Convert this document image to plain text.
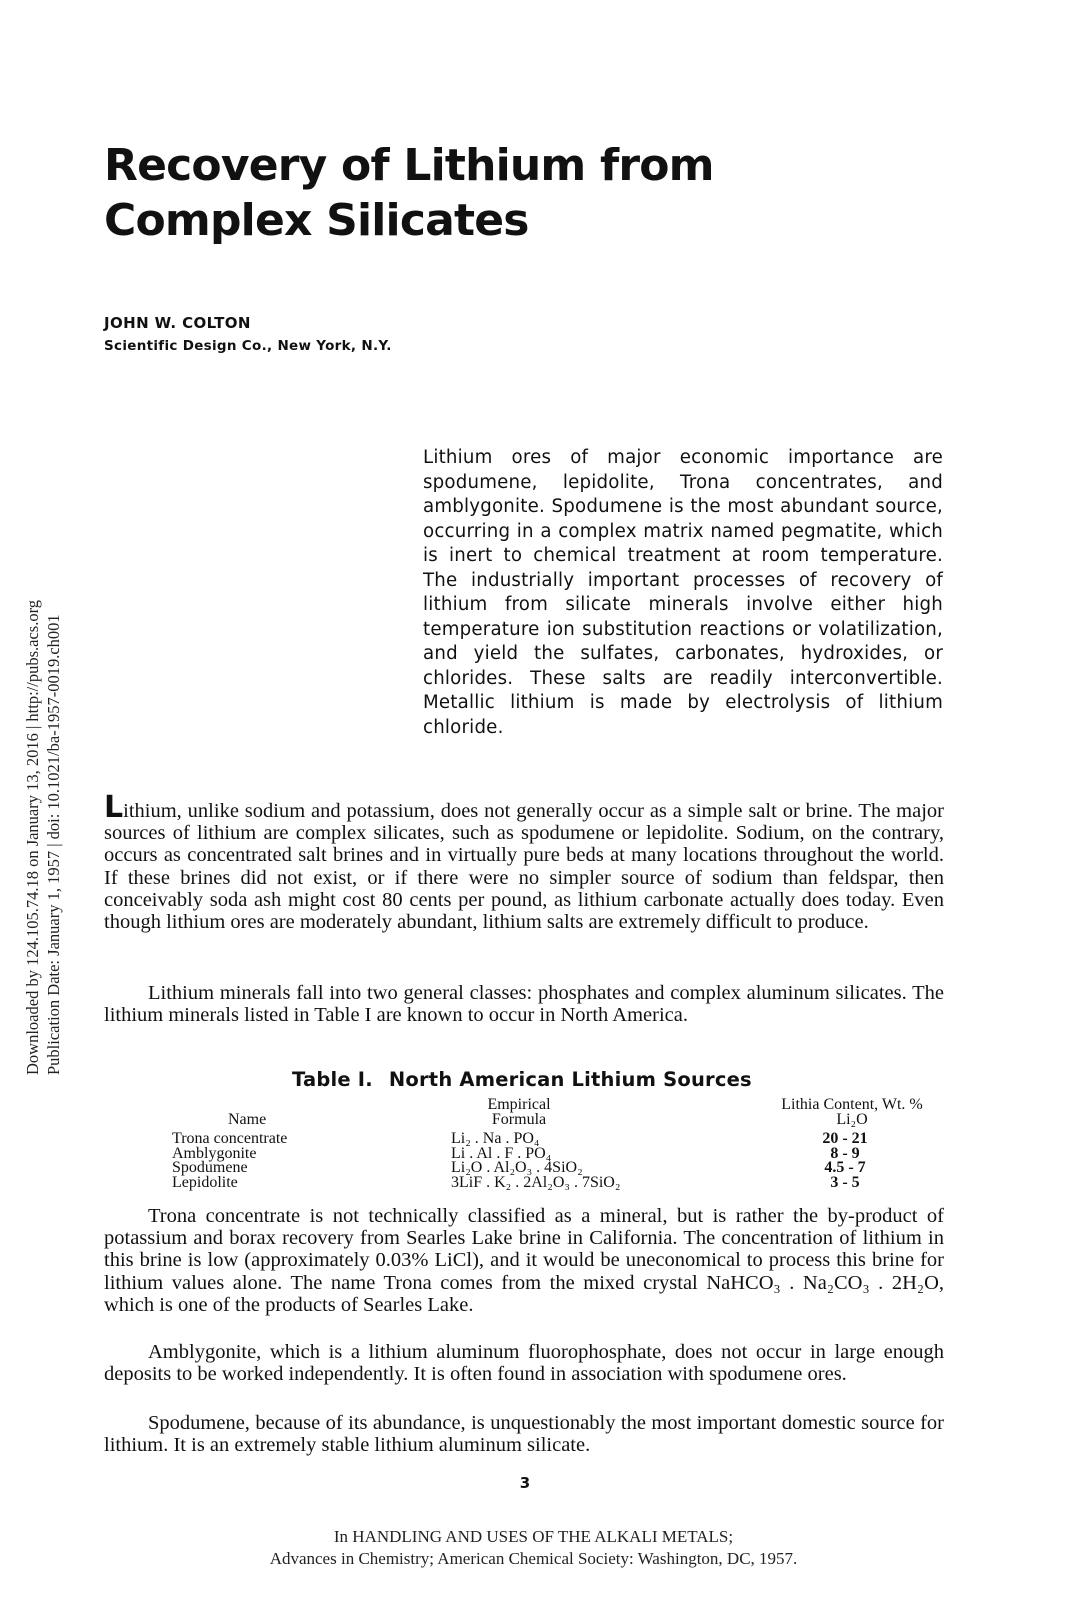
Downloaded by 124.105.74.18 on January 13, 2016 | http://pubs.acs.org Publication Date: January 1, 1957 | doi: 10.1021/ba-1957-0019.ch001
Recovery of Lithium from
Complex Silicates
JOHN W. COLTON
Scientific Design Co., New York, N.Y.

Lithium ores of major economic importance are spodumene, lepidolite, Trona concentrates, and amblygonite. Spodumene is the most abundant source, occurring in a complex matrix named pegmatite, which is inert to chemical treatment at room temperature. The industrially important processes of recovery of lithium from silicate minerals involve either high temperature ion substitution reactions or volatilization, and yield the sulfates, carbonates, hydroxides, or chlorides. These salts are readily interconvertible. Metallic lithium is made by electrolysis of lithium chloride.

Lithium, unlike sodium and potassium, does not generally occur as a simple salt or brine. The major sources of lithium are complex silicates, such as spodumene or lepidolite. Sodium, on the contrary, occurs as concentrated salt brines and in virtually pure beds at many locations throughout the world. If these brines did not exist, or if there were no simpler source of sodium than feldspar, then conceivably soda ash might cost 80 cents per pound, as lithium carbonate actually does today. Even though lithium ores are moderately abundant, lithium salts are extremely difficult to produce.

Lithium minerals fall into two general classes: phosphates and complex aluminum silicates. The lithium minerals listed in Table I are known to occur in North America.

Table I. North American Lithium Sources
Name
Empirical
Formula
Lithia Content, Wt. %
Li₂O
Trona concentrate
Amblygonite
Spodumene
Lepidolite
Li₂ . Na . PO₄
Li . Al . F . PO₄
Li₂O . Al₂O₃ . 4SiO₂
3LiF . K₂ . 2Al₂O₃ . 7SiO₂
20 - 21
8 - 9
4.5 - 7
3 - 5

Trona concentrate is not technically classified as a mineral, but is rather the by-product of potassium and borax recovery from Searles Lake brine in California. The concentration of lithium in this brine is low (approximately 0.03% LiCl), and it would be uneconomical to process this brine for lithium values alone. The name Trona comes from the mixed crystal NaHCO₃ . Na₂CO₃ . 2H₂O, which is one of the products of Searles Lake.

Amblygonite, which is a lithium aluminum fluorophosphate, does not occur in large enough deposits to be worked independently. It is often found in association with spodumene ores.

Spodumene, because of its abundance, is unquestionably the most important domestic source for lithium. It is an extremely stable lithium aluminum silicate.

3
In HANDLING AND USES OF THE ALKALI METALS;
Advances in Chemistry; American Chemical Society: Washington, DC, 1957.
